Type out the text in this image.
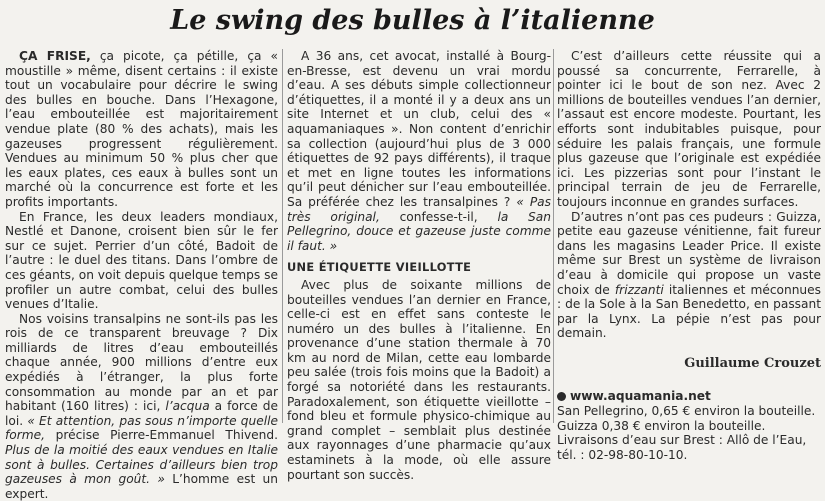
Le swing des bulles à l’italienne

ÇA FRISE, ça picote, ça pétille, ça « moustille » même, disent certains : il existe tout un vocabulaire pour décrire le swing des bulles en bouche. Dans l’Hexagone, l’eau embouteillée est majoritairement vendue plate (80 % des achats), mais les gazeuses progressent régulièrement. Vendues au minimum 50 % plus cher que les eaux plates, ces eaux à bulles sont un marché où la concurrence est forte et les profits importants.

En France, les deux leaders mondiaux, Nestlé et Danone, croisent bien sûr le fer sur ce sujet. Perrier d’un côté, Badoit de l’autre : le duel des titans. Dans l’ombre de ces géants, on voit depuis quelque temps se profiler un autre combat, celui des bulles venues d’Italie.

Nos voisins transalpins ne sont-ils pas les rois de ce transparent breuvage ? Dix milliards de litres d’eau embouteillés chaque année, 900 millions d’entre eux expédiés à l’étranger, la plus forte consommation au monde par an et par habitant (160 litres) : ici, l’acqua a force de loi. « Et attention, pas sous n’importe quelle forme, précise Pierre-Emmanuel Thivend. Plus de la moitié des eaux vendues en Italie sont à bulles. Certaines d’ailleurs bien trop gazeuses à mon goût. » L’homme est un expert.

A 36 ans, cet avocat, installé à Bourg-en-Bresse, est devenu un vrai mordu d’eau. A ses débuts simple collectionneur d’étiquettes, il a monté il y a deux ans un site Internet et un club, celui des « aquamaniaques ». Non content d’enrichir sa collection (aujourd’hui plus de 3 000 étiquettes de 92 pays différents), il traque et met en ligne toutes les informations qu’il peut dénicher sur l’eau embouteillée. Sa préférée chez les transalpines ? « Pas très original, confesse-t-il, la San Pellegrino, douce et gazeuse juste comme il faut. »

UNE ÉTIQUETTE VIEILLOTTE

Avec plus de soixante millions de bouteilles vendues l’an dernier en France, celle-ci est en effet sans conteste le numéro un des bulles à l’italienne. En provenance d’une station thermale à 70 km au nord de Milan, cette eau lombarde peu salée (trois fois moins que la Badoit) a forgé sa notoriété dans les restaurants. Paradoxalement, son étiquette vieillotte – fond bleu et formule physico-chimique au grand complet – semblait plus destinée aux rayonnages d’une pharmacie qu’aux estaminets à la mode, où elle assure pourtant son succès.

C’est d’ailleurs cette réussite qui a poussé sa concurrente, Ferrarelle, à pointer ici le bout de son nez. Avec 2 millions de bouteilles vendues l’an dernier, l’assaut est encore modeste. Pourtant, les efforts sont indubitables puisque, pour séduire les palais français, une formule plus gazeuse que l’originale est expédiée ici. Les pizzerias sont pour l’instant le principal terrain de jeu de Ferrarelle, toujours inconnue en grandes surfaces.

D’autres n’ont pas ces pudeurs : Guizza, petite eau gazeuse vénitienne, fait fureur dans les magasins Leader Price. Il existe même sur Brest un système de livraison d’eau à domicile qui propose un vaste choix de frizzanti italiennes et méconnues : de la Sole à la San Benedetto, en passant par la Lynx. La pépie n’est pas pour demain.

Guillaume Crouzet

www.aquamania.net

San Pellegrino, 0,65 € environ la bouteille.

Guizza 0,38 € environ la bouteille.

Livraisons d’eau sur Brest : Allô de l’Eau,

tél. : 02-98-80-10-10.
